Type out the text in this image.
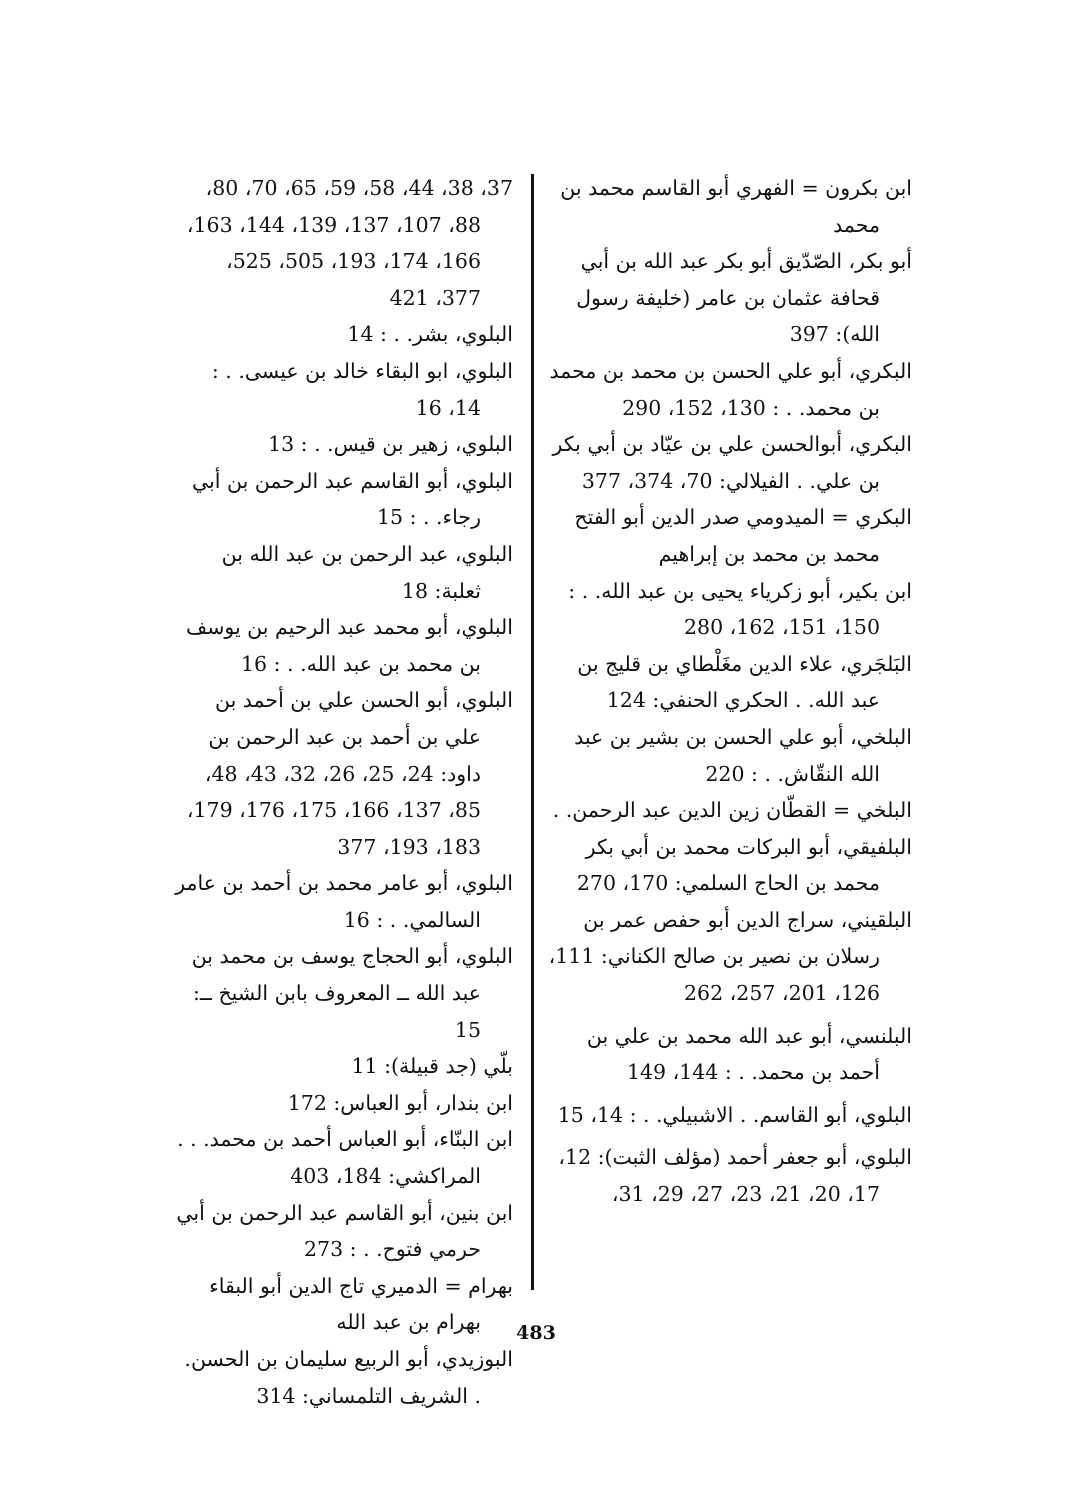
ابن بكرون = الفهري أبو القاسم محمد بن محمد

أبو بكر، الصّدّيق أبو بكر عبد الله بن أبي قحافة عثمان بن عامر (خليفة رسول الله): 397

البكري، أبو علي الحسن بن محمد بن محمد بن محمد. . : 130، 152، 290

البكري، أبوالحسن علي بن عيّاد بن أبي بكر بن علي. . الفيلالي: 70، 374، 377

البكري = الميدومي صدر الدين أبو الفتح محمد بن محمد بن إبراهيم

ابن بكير، أبو زكرياء يحيى بن عبد الله. . : 150، 151، 162، 280

البَلجَري، علاء الدين مغَلْطاي بن قليج بن عبد الله. . الحكري الحنفي: 124

البلخي، أبو علي الحسن بن بشير بن عبد الله النقّاش. . : 220

البلخي = القطّان زين الدين عبد الرحمن. .

البلفيقي، أبو البركات محمد بن أبي بكر محمد بن الحاج السلمي: 170، 270

البلقيني، سراج الدين أبو حفص عمر بن رسلان بن نصير بن صالح الكناني: 111، 126، 201، 257، 262

البلنسي، أبو عبد الله محمد بن علي بن أحمد بن محمد. . : 144، 149

البلوي، أبو القاسم. . الاشبيلي. . : 14، 15

البلوي، أبو جعفر أحمد (مؤلف الثبت): 12، 17، 20، 21، 23، 27، 29، 31،

37، 38، 44، 58، 59، 65، 70، 80، 88، 107، 137، 139، 144، 163، 166، 174، 193، 505، 525، 377، 421

البلوي، بشر. . : 14

البلوي، ابو البقاء خالد بن عيسى. . : 14، 16

البلوي، زهير بن قيس. . : 13

البلوي، أبو القاسم عبد الرحمن بن أبي رجاء. . : 15

البلوي، عبد الرحمن بن عبد الله بن ثعلبة: 18

البلوي، أبو محمد عبد الرحيم بن يوسف بن محمد بن عبد الله. . : 16

البلوي، أبو الحسن علي بن أحمد بن علي بن أحمد بن عبد الرحمن بن داود: 24، 25، 26، 32، 43، 48، 85، 137، 166، 175، 176، 179، 183، 193، 377

البلوي، أبو عامر محمد بن أحمد بن عامر السالمي. . : 16

البلوي، أبو الحجاج يوسف بن محمد بن عبد الله ــ المعروف بابن الشيخ ــ: 15

بلّي (جد قبيلة): 11

ابن بندار، أبو العباس: 172

ابن البنّاء، أبو العباس أحمد بن محمد. . . المراكشي: 184، 403

ابن بنين، أبو القاسم عبد الرحمن بن أبي حرمي فتوح. . : 273

بهرام = الدميري تاج الدين أبو البقاء بهرام بن عبد الله

البوزيدي، أبو الربيع سليمان بن الحسن. . الشريف التلمساني: 314

483
